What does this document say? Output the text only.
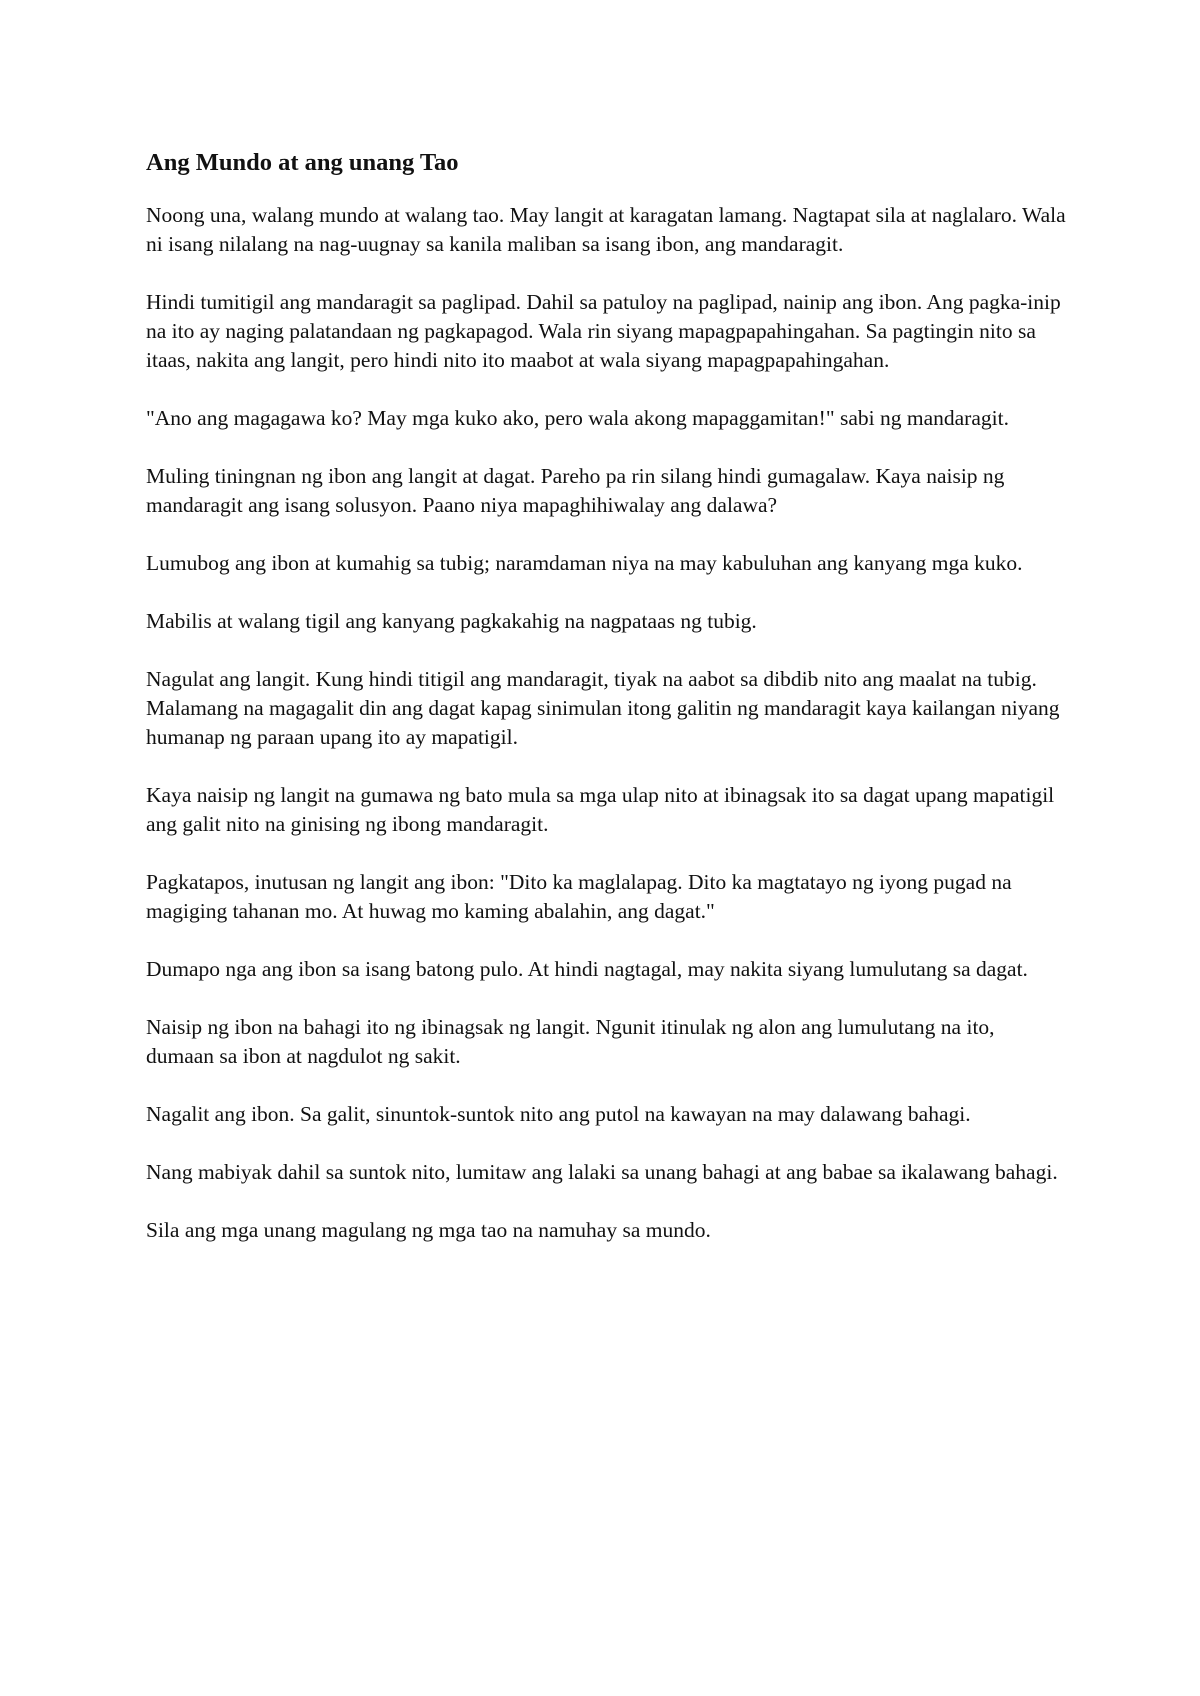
Ang Mundo at ang unang Tao

Noong una, walang mundo at walang tao. May langit at karagatan lamang. Nagtapat sila at naglalaro. Wala ni isang nilalang na nag-uugnay sa kanila maliban sa isang ibon, ang mandaragit.

Hindi tumitigil ang mandaragit sa paglipad. Dahil sa patuloy na paglipad, nainip ang ibon. Ang pagka-inip na ito ay naging palatandaan ng pagkapagod. Wala rin siyang mapagpapahingahan. Sa pagtingin nito sa itaas, nakita ang langit, pero hindi nito ito maabot at wala siyang mapagpapahingahan.

"Ano ang magagawa ko? May mga kuko ako, pero wala akong mapaggamitan!" sabi ng mandaragit.

Muling tiningnan ng ibon ang langit at dagat. Pareho pa rin silang hindi gumagalaw. Kaya naisip ng mandaragit ang isang solusyon. Paano niya mapaghihiwalay ang dalawa?

Lumubog ang ibon at kumahig sa tubig; naramdaman niya na may kabuluhan ang kanyang mga kuko.

Mabilis at walang tigil ang kanyang pagkakahig na nagpataas ng tubig.

Nagulat ang langit. Kung hindi titigil ang mandaragit, tiyak na aabot sa dibdib nito ang maalat na tubig. Malamang na magagalit din ang dagat kapag sinimulan itong galitin ng mandaragit kaya kailangan niyang humanap ng paraan upang ito ay mapatigil.

Kaya naisip ng langit na gumawa ng bato mula sa mga ulap nito at ibinagsak ito sa dagat upang mapatigil ang galit nito na ginising ng ibong mandaragit.

Pagkatapos, inutusan ng langit ang ibon: "Dito ka maglalapag. Dito ka magtatayo ng iyong pugad na magiging tahanan mo. At huwag mo kaming abalahin, ang dagat."

Dumapo nga ang ibon sa isang batong pulo. At hindi nagtagal, may nakita siyang lumulutang sa dagat.

Naisip ng ibon na bahagi ito ng ibinagsak ng langit. Ngunit itinulak ng alon ang lumulutang na ito, dumaan sa ibon at nagdulot ng sakit.

Nagalit ang ibon. Sa galit, sinuntok-suntok nito ang putol na kawayan na may dalawang bahagi.

Nang mabiyak dahil sa suntok nito, lumitaw ang lalaki sa unang bahagi at ang babae sa ikalawang bahagi.

Sila ang mga unang magulang ng mga tao na namuhay sa mundo.
